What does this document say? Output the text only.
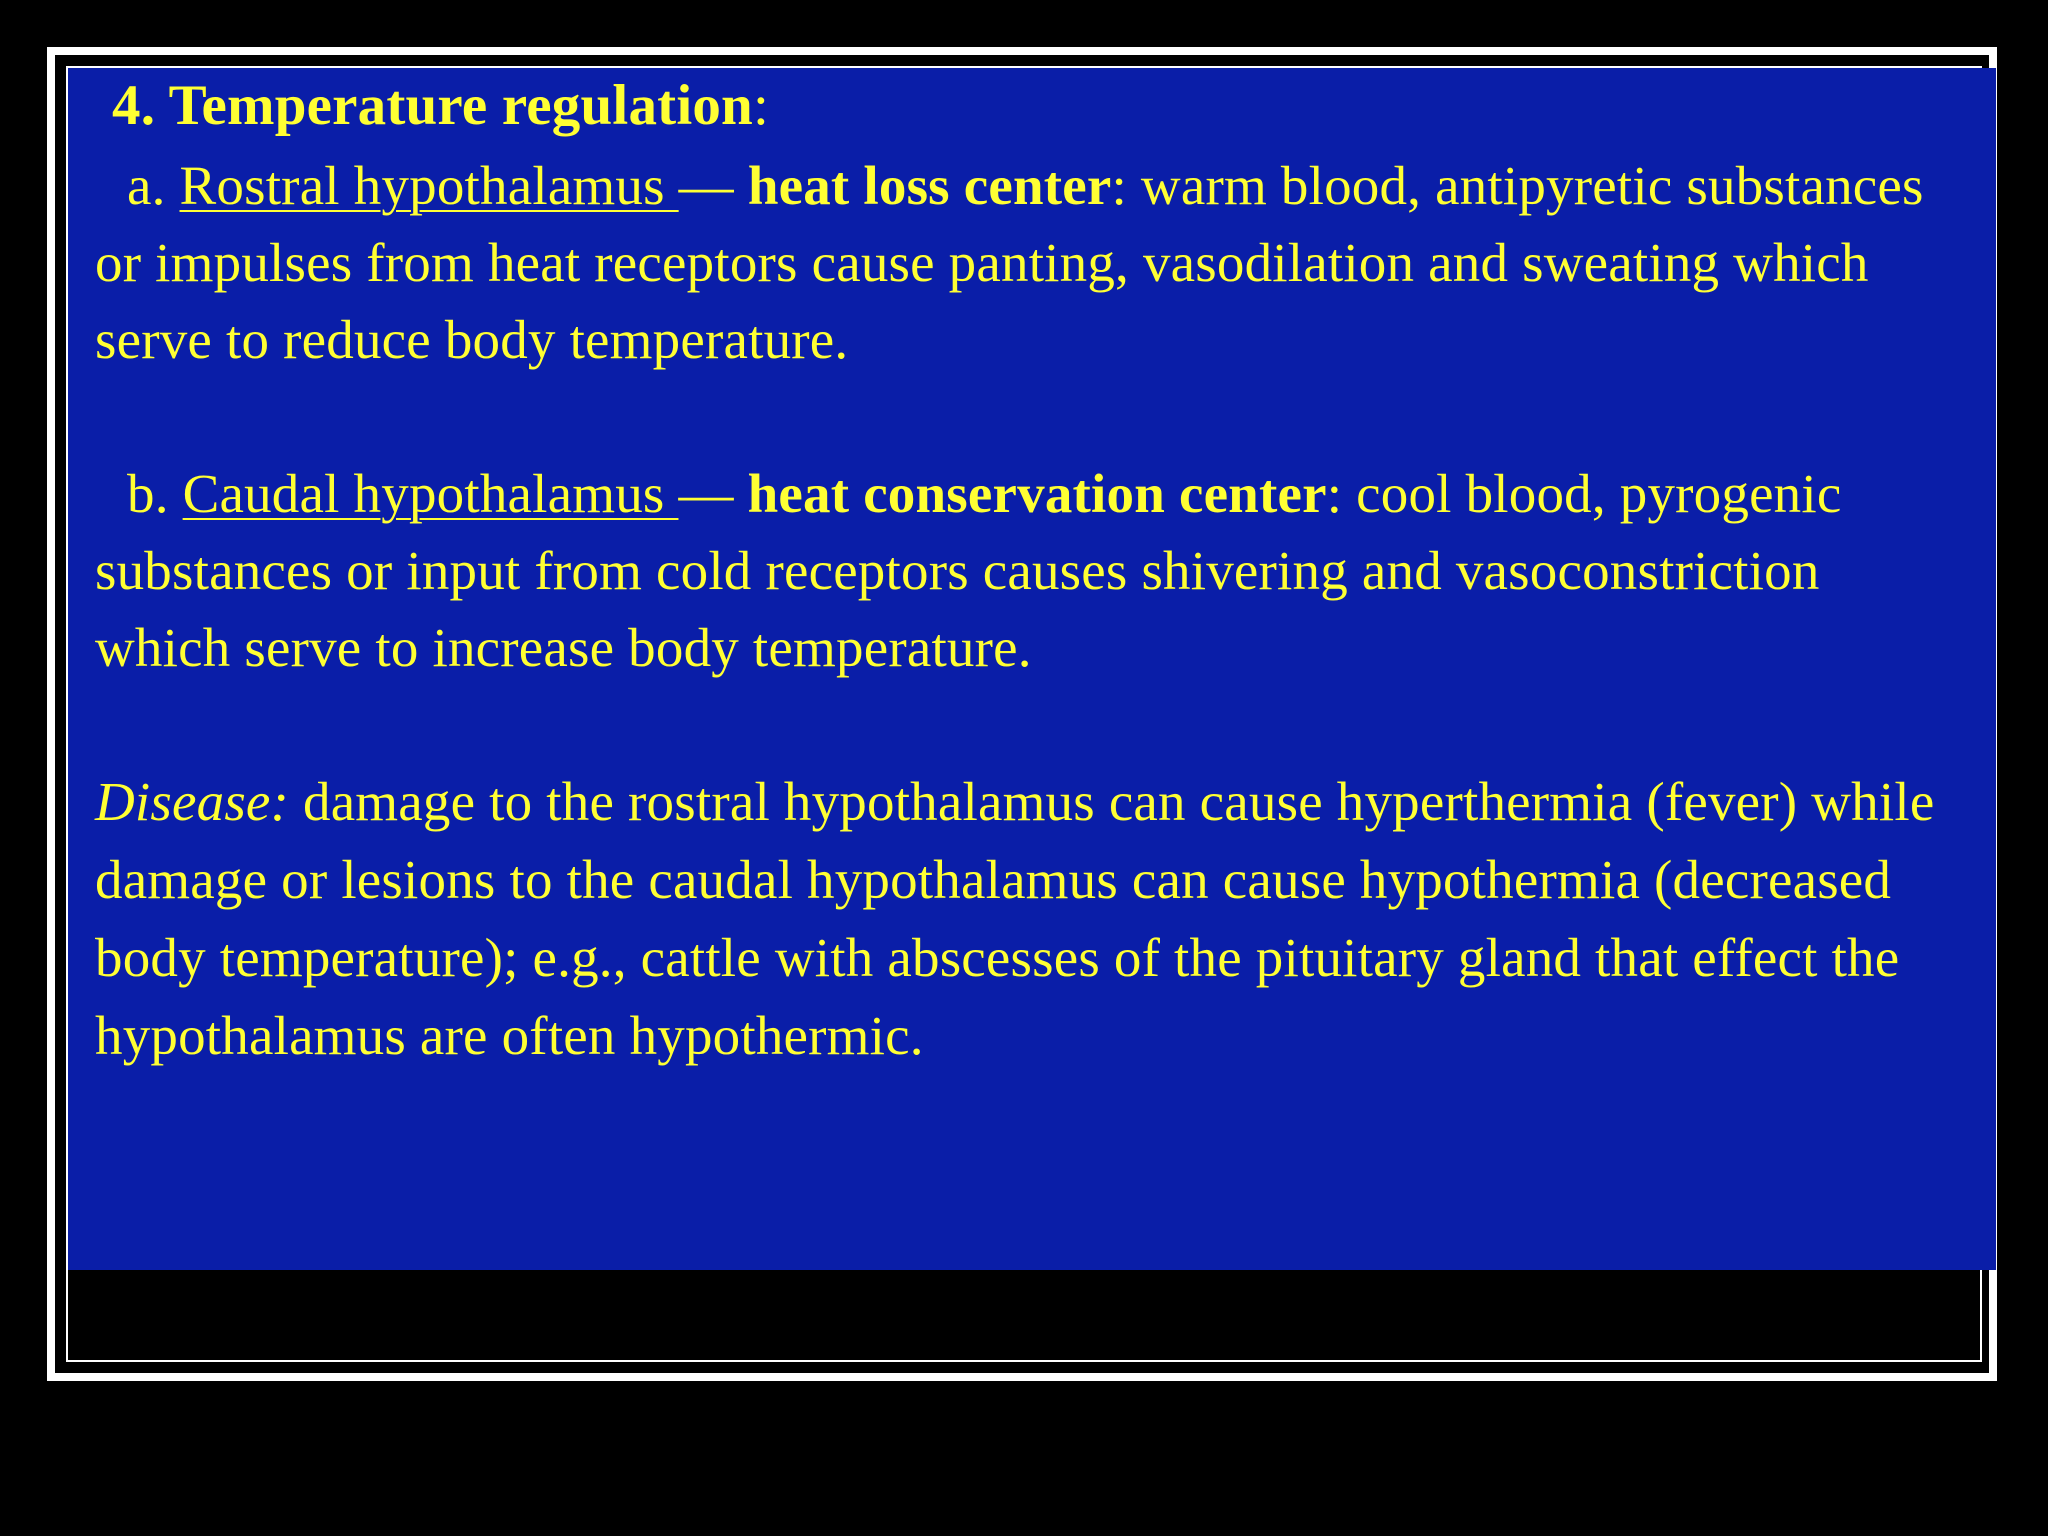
4. Temperature regulation:

a. Rostral hypothalamus — heat loss center: warm blood, antipyretic substances or impulses from heat receptors cause panting, vasodilation and sweating which serve to reduce body temperature.

b. Caudal hypothalamus — heat conservation center: cool blood, pyrogenic substances or input from cold receptors causes shivering and vasoconstriction which serve to increase body temperature.

Disease: damage to the rostral hypothalamus can cause hyperthermia (fever) while damage or lesions to the caudal hypothalamus can cause hypothermia (decreased body temperature); e.g., cattle with abscesses of the pituitary gland that effect the hypothalamus are often hypothermic.
